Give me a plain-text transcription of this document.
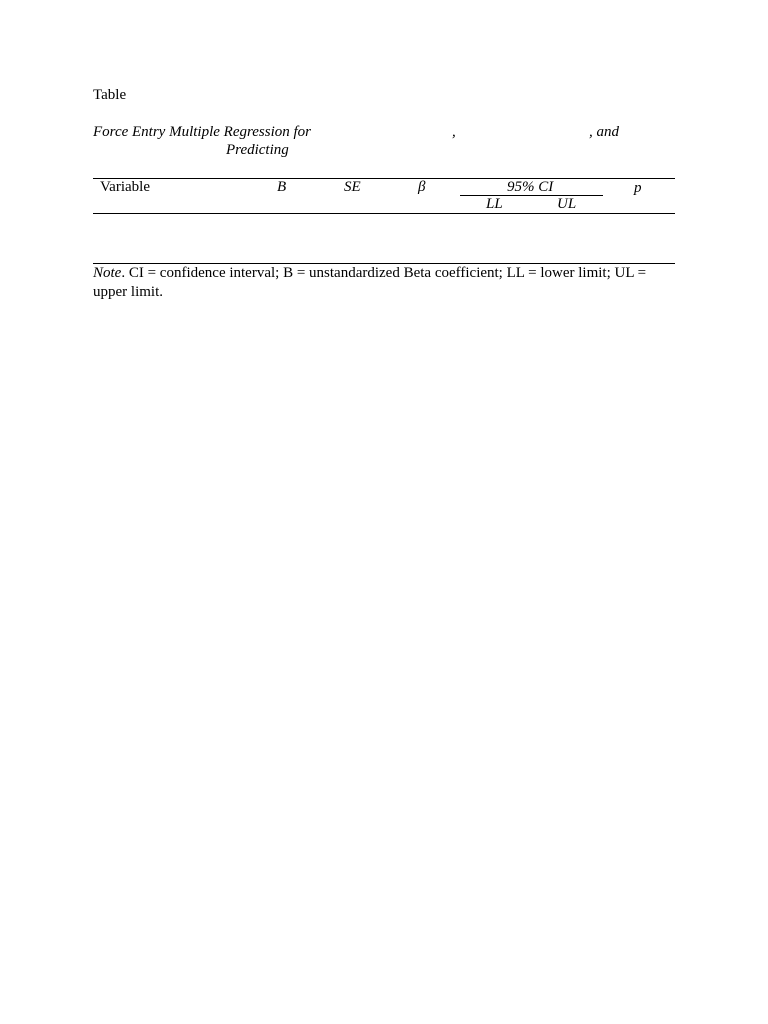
Table
Force Entry Multiple Regression for	,	, and
Predicting
Variable	B	SE	β	95% CI	p
LL	UL
Note. CI = confidence interval; B = unstandardized Beta coefficient; LL = lower limit; UL = upper limit.
